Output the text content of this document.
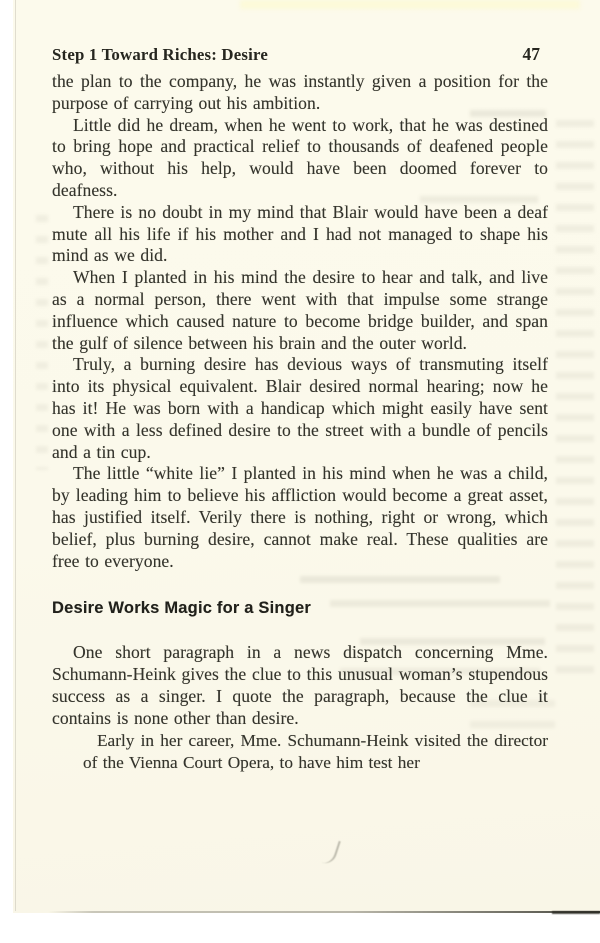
Step 1 Toward Riches: Desire	47

the plan to the company, he was instantly given a position for the purpose of carrying out his ambition.

Little did he dream, when he went to work, that he was destined to bring hope and practical relief to thousands of deafened people who, without his help, would have been doomed forever to deafness.

There is no doubt in my mind that Blair would have been a deaf mute all his life if his mother and I had not managed to shape his mind as we did.

When I planted in his mind the desire to hear and talk, and live as a normal person, there went with that impulse some strange influence which caused nature to become bridge builder, and span the gulf of silence between his brain and the outer world.

Truly, a burning desire has devious ways of transmuting itself into its physical equivalent. Blair desired normal hearing; now he has it! He was born with a handicap which might easily have sent one with a less defined desire to the street with a bundle of pencils and a tin cup.

The little “white lie” I planted in his mind when he was a child, by leading him to believe his affliction would become a great asset, has justified itself. Verily there is nothing, right or wrong, which belief, plus burning desire, cannot make real. These qualities are free to everyone.

Desire Works Magic for a Singer

One short paragraph in a news dispatch concerning Mme. Schumann-Heink gives the clue to this unusual woman’s stupendous success as a singer. I quote the paragraph, because the clue it contains is none other than desire.

Early in her career, Mme. Schumann-Heink visited the director of the Vienna Court Opera, to have him test her
